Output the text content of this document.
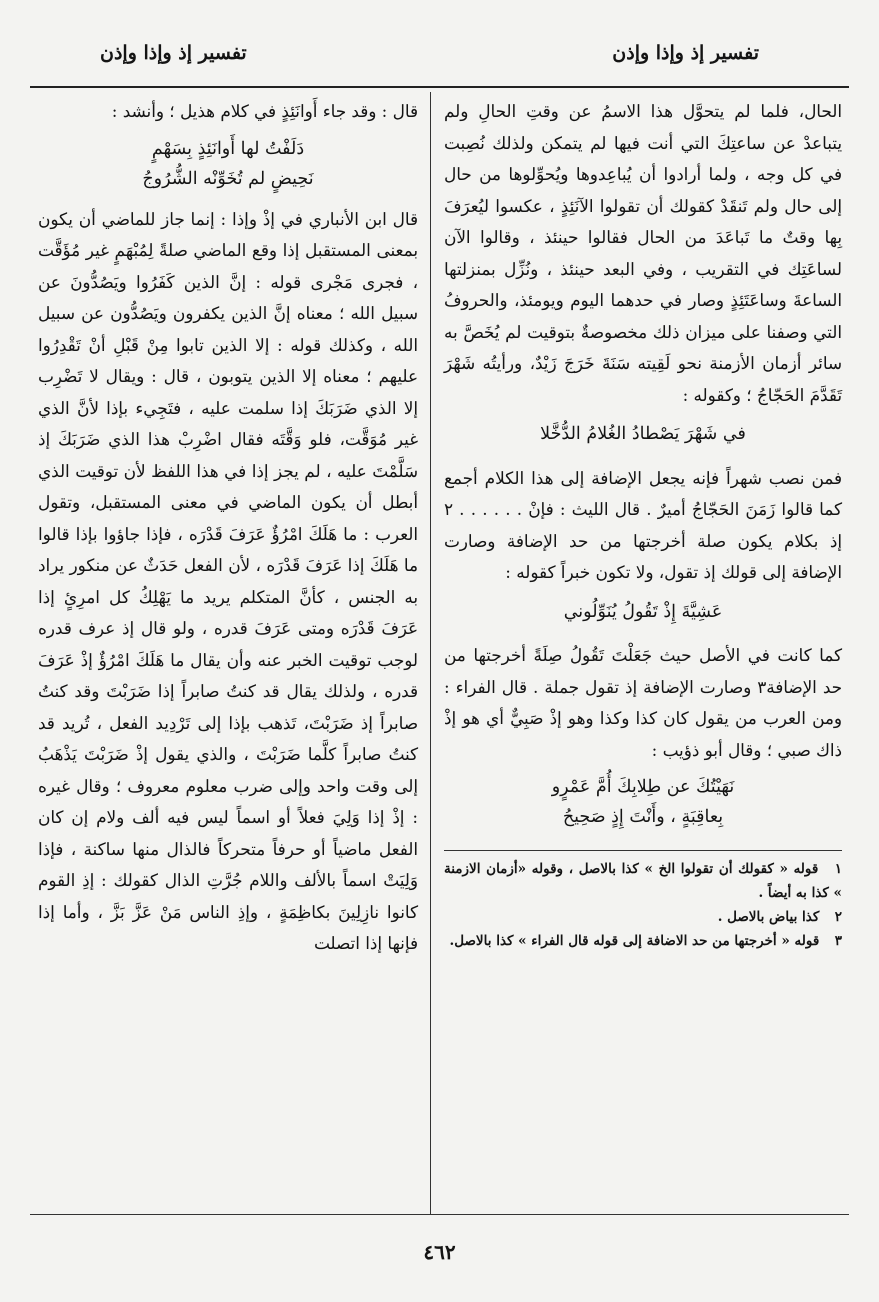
تفسير إذ وإذا وإذن
تفسير إذ وإذا وإذن

الحال، فلما لم يتحوَّل هذا الاسمُ عن وقتِ الحالِ ولم يتباعدْ عن ساعتِكَ التي أنت فيها لم يتمكن ولذلك نُصِبت في كل وجه ، ولما أرادوا أن يُباعِدوها ويُحوِّلوها من حال إلى حال ولم تَنقَدْ كقولك أن تقولوا الآنَئِذٍ ، عكسوا ليُعرَفَ بِها وقتٌ ما تَباعَدَ من الحال فقالوا حينئذ ، وقالوا الآن لساعَتِك في التقريب ، وفي البعد حينئذ ، ونُزِّل بمنزلتها الساعةَ وساعَتَئِذٍ وصار في حدهما اليوم ويومئذ، والحروفُ التي وصفنا على ميزان ذلك مخصوصةٌ بتوقيت لم يُخَصَّ به سائر أزمان الأزمنة نحو لَقِيته سَنَةَ خَرَجَ زَيْدٌ، ورأيتُه شَهْرَ تَقَدَّمَ الحَجّاجُ ؛ وكقوله :

في شَهْرَ يَصْطادُ الغُلامُ الدُّخَّلا

فمن نصب شهراً فإنه يجعل الإضافة إلى هذا الكلام أجمع كما قالوا زَمَنَ الحَجّاجُ أميرٌ . قال الليث : فإنْ . . . . . . ٢ إذ بكلام يكون صلة أخرجتها من حد الإضافة وصارت الإضافة إلى قولك إذ تقول، ولا تكون خبراً كقوله :

عَشِيَّةَ إِذْ تَقُولُ يُنَوِّلُوني

كما كانت في الأصل حيث جَعَلْتَ تَقُولُ صِلَةً أخرجتها من حد الإضافة٣ وصارت الإضافة إذ تقول جملة . قال الفراء : ومن العرب من يقول كان كذا وكذا وهو إذْ صَبِيٌّ أي هو إذْ ذاك صبي ؛ وقال أبو ذؤيب :

نَهَيْتُكَ عن طِلابِكَ أُمَّ عَمْرٍو
بِعاقِبَةٍ ، وأَنْتَ إِذٍ صَحِيحُ
١ قوله « كقولك أن تقولوا الخ » كذا بالاصل ، وقوله «أزمان الازمنة » كذا به أيضاً .
٢ كذا بياض بالاصل .
٣ قوله « أخرجتها من حد الاضافة إلى قوله قال الفراء » كذا بالاصل.

قال : وقد جاء أَوانَئِذٍ في كلام هذيل ؛ وأنشد :

دَلَفْتُ لها أَوانَئِذٍ بِسَهْمٍ
نَحِيضٍ لم تُخَوِّنْه الشُّرُوجُ

قال ابن الأنباري في إذْ وإذا : إنما جاز للماضي أن يكون بمعنى المستقبل إذا وقع الماضي صلةً لِمُبْهَمٍ غير مُؤَقَّت ، فجرى مَجْرى قوله : إنَّ الذين كَفَرُوا ويَصُدُّونَ عن سبيل الله ؛ معناه إنَّ الذين يكفرون ويَصُدُّون عن سبيل الله ، وكذلك قوله : إلا الذين تابوا مِنْ قَبْلِ أنْ تَقْدِرُوا عليهم ؛ معناه إلا الذين يتوبون ، قال : ويقال لا تَضْرِب إلا الذي ضَرَبَكَ إذا سلمت عليه ، فتَجِيء بإذا لأنَّ الذي غير مُوَقَّت، فلو وَقَّتَه فقال اضْرِبْ هذا الذي ضَرَبَكَ إذ سَلَّمْتَ عليه ، لم يجز إذا في هذا اللفظ لأن توقيت الذي أبطل أن يكون الماضي في معنى المستقبل، وتقول العرب : ما هَلَكَ امْرُؤٌ عَرَفَ قَدْرَه ، فإذا جاؤوا بإذا قالوا ما هَلَكَ إذا عَرَفَ قَدْرَه ، لأن الفعل حَدَثٌ عن منكور يراد به الجنس ، كأنَّ المتكلم يريد ما يَهْلِكُ كل امرِئٍ إذا عَرَفَ قَدْرَه ومتى عَرَفَ قدره ، ولو قال إذ عرف قدره لوجب توقيت الخبر عنه وأن يقال ما هَلَكَ امْرُؤٌ إذْ عَرَفَ قدره ، ولذلك يقال قد كنتُ صابراً إذا ضَرَبْتَ وقد كنتُ صابراً إذ ضَرَبْتَ، تَذهب بإذا إلى تَرْدِيد الفعل ، تُريد قد كنتُ صابراً كلَّما ضَرَبْتَ ، والذي يقول إذْ ضَرَبْتَ يَذْهَبُ إلى وقت واحد وإلى ضرب معلوم معروف ؛ وقال غيره : إذْ إذا وَلِيَ فعلاً أو اسماً ليس فيه ألف ولام إن كان الفعل ماضياً أو حرفاً متحركاً فالذال منها ساكنة ، فإذا وَلِيَتْ اسماً بالألف واللام جُرَّتِ الذال كقولك : إذِ القوم كانوا نازِلِينَ بكاظِمَةٍ ، وإذِ الناس مَنْ عَزَّ بَزَّ ، وأما إذا فإنها إذا اتصلت

٤٦٢
